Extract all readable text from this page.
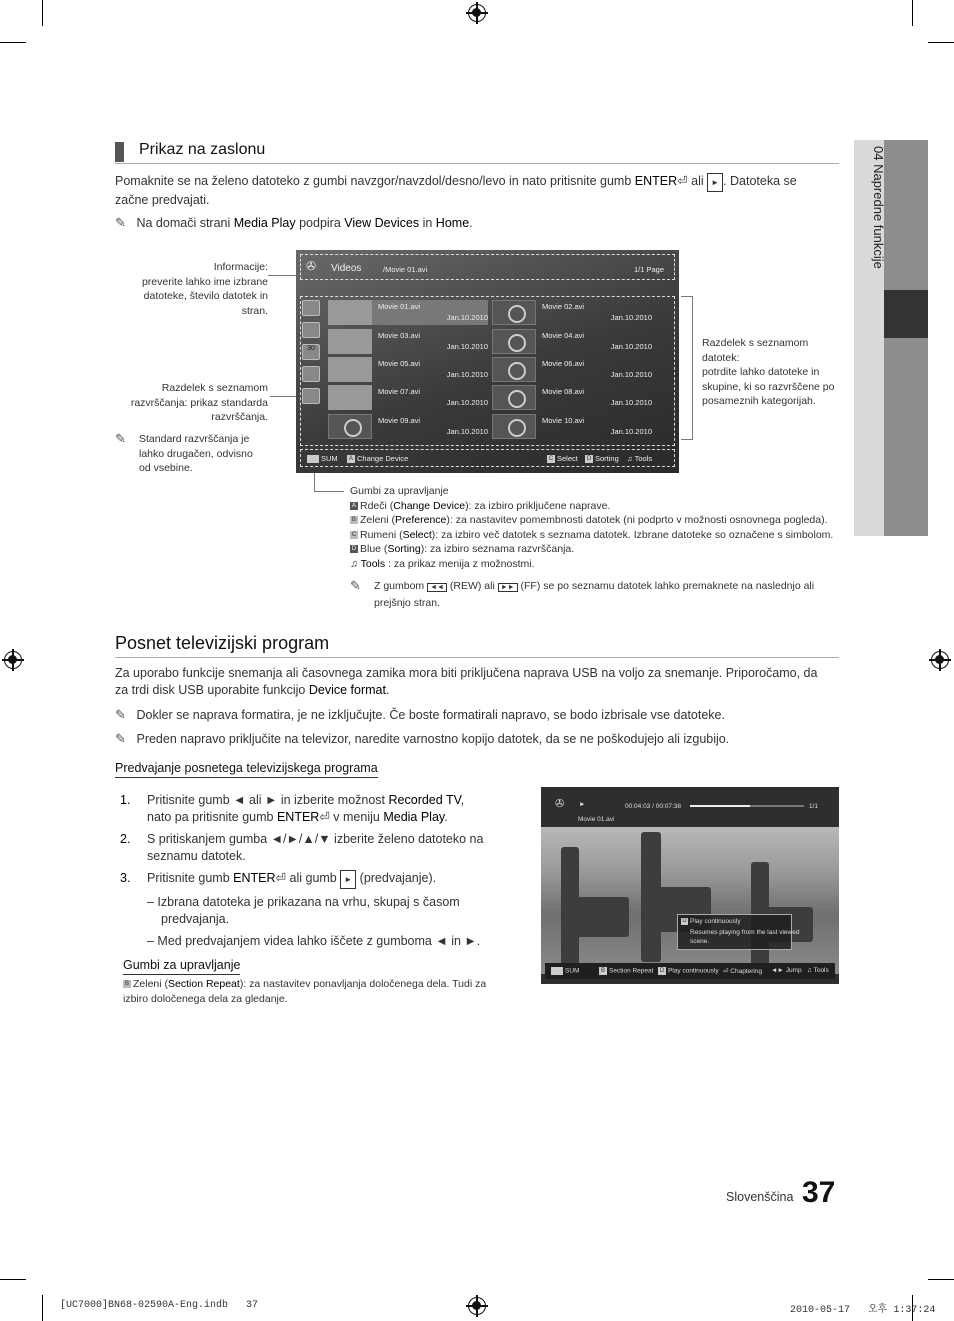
04 Napredne funkcije
Prikaz na zaslonu

Pomaknite se na želeno datoteko z gumbi navzgor/navzdol/desno/levo in nato pritisnite gumb ENTER⏎ ali ► . Datoteka se
začne predvajati.

✎ Na domači strani Media Play podpira View Devices in Home.

Informacije:
preverite lahko ime izbrane
datoteke, število datotek in
stran.
Razdelek s seznamom
razvrščanja: prikaz standarda
razvrščanja.
✎	Standard razvrščanja je
lahko drugačen, odvisno
od vsebine.
Razdelek s seznamom
datotek:
potrdite lahko datoteke in
skupine, ki so razvrščene po
posameznih kategorijah.
✇ Videos	/Movie 01.avi	1/1 Page
30
Movie 01.avi
Jan.10.2010
Movie 02.avi
Jan.10.2010
Movie 03.avi
Jan.10.2010
Movie 04.avi
Jan.10.2010
Movie 05.avi
Jan.10.2010
Movie 06.avi
Jan.10.2010
Movie 07.avi
Jan.10.2010
Movie 08.avi
Jan.10.2010
Movie 09.avi
Jan.10.2010
Movie 10.avi
Jan.10.2010
SUM	A Change Device	C Select	D Sorting ♫ Tools
Gumbi za upravljanje
A Rdeči (Change Device): za izbiro priključene naprave.
B Zeleni (Preference): za nastavitev pomembnosti datotek (ni podprto v možnosti osnovnega pogleda).
C Rumeni (Select): za izbiro več datotek s seznama datotek. Izbrane datoteke so označene s simbolom.
D Blue (Sorting): za izbiro seznama razvrščanja.
♫ Tools : za prikaz menija z možnostmi.
✎	Z gumbom ◄◄ (REW) ali ►► (FF) se po seznamu datotek lahko premaknete na naslednjo ali
prejšnjo stran.
Posnet televizijski program

Za uporabo funkcije snemanja ali časovnega zamika mora biti priključena naprava USB na voljo za snemanje. Priporočamo, da
za trdi disk USB uporabite funkcijo Device format.

✎ Dokler se naprava formatira, je ne izključujte. Če boste formatirali napravo, se bodo izbrisale vse datoteke.

✎ Preden napravo priključite na televizor, naredite varnostno kopijo datotek, da se ne poškodujejo ali izgubijo.

Predvajanje posnetega televizijskega programa

1. Pritisnite gumb ◄ ali ► in izberite možnost Recorded TV,
nato pa pritisnite gumb ENTER⏎ v meniju Media Play.
2. S pritiskanjem gumba ◄/►/▲/▼ izberite želeno datoteko na
seznamu datotek.
3. Pritisnite gumb ENTER⏎ ali gumb ► (predvajanje).
– Izbrana datoteka je prikazana na vrhu, skupaj s časom
predvajanja.
– Med predvajanjem videa lahko iščete z gumboma ◄ in ►.

Gumbi za upravljanje

B Zeleni (Section Repeat): za nastavitev ponavljanja določenega dela. Tudi za
izbiro določenega dela za gledanje.
✇ ►	00:04:03 / 00:07:38	1/1
Movie 01.avi
D Play continuously
Resumes playing from the last viewed
scene.
SUM	B Section Repeat	D Play continuously ⏎ Chaptering ◄► Jump ♫ Tools
Slovenščina 37
[UC7000]BN68-02590A-Eng.indb   37	2010-05-17   오후 1:37:24
